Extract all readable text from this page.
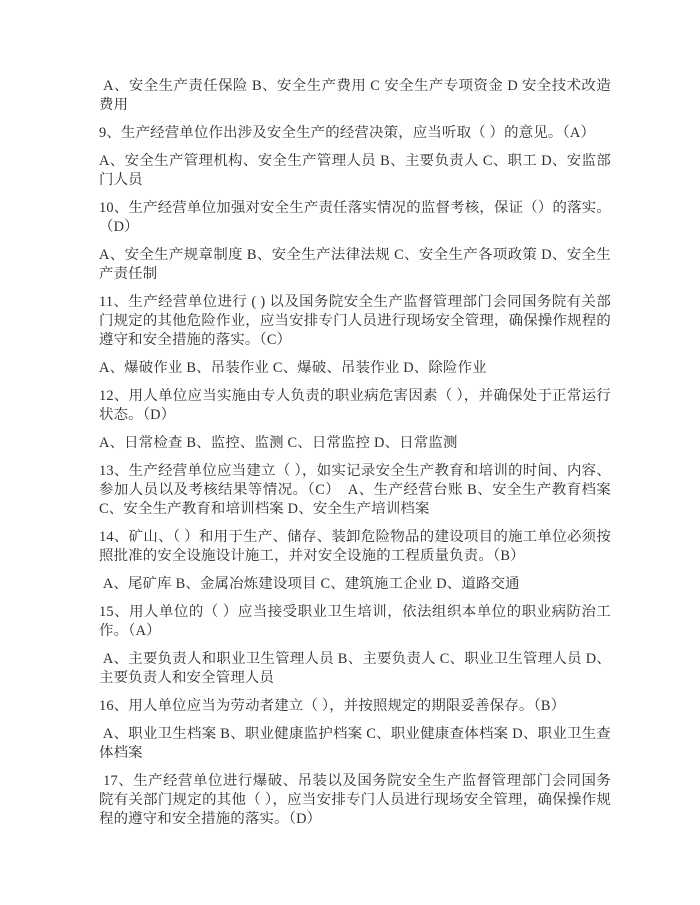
A、安全生产责任保险 B、安全生产费用 C 安全生产专项资金 D 安全技术改造费用

9、生产经营单位作出涉及安全生产的经营决策，应当听取（ ）的意见。（A）

A、安全生产管理机构、安全生产管理人员 B、主要负责人 C、职工 D、安监部门人员

10、生产经营单位加强对安全生产责任落实情况的监督考核，保证（）的落实。（D）

A、安全生产规章制度 B、安全生产法律法规 C、安全生产各项政策 D、安全生产责任制

11、生产经营单位进行 ( ) 以及国务院安全生产监督管理部门会同国务院有关部门规定的其他危险作业，应当安排专门人员进行现场安全管理，确保操作规程的遵守和安全措施的落实。（C）

A、爆破作业 B、吊装作业 C、爆破、吊装作业 D、除险作业

12、用人单位应当实施由专人负责的职业病危害因素（ ），并确保处于正常运行状态。（D）

A、日常检查 B、监控、监测 C、日常监控 D、日常监测

13、生产经营单位应当建立（ ），如实记录安全生产教育和培训的时间、内容、参加人员以及考核结果等情况。（C）　A、生产经营台账 B、安全生产教育档案 C、安全生产教育和培训档案 D、安全生产培训档案

14、矿山、（ ）和用于生产、储存、装卸危险物品的建设项目的施工单位必须按照批准的安全设施设计施工，并对安全设施的工程质量负责。（B）

A、尾矿库 B、金属冶炼建设项目 C、建筑施工企业 D、道路交通

15、用人单位的（ ）应当接受职业卫生培训，依法组织本单位的职业病防治工作。（A）

A、主要负责人和职业卫生管理人员 B、主要负责人 C、职业卫生管理人员 D、主要负责人和安全管理人员

16、用人单位应当为劳动者建立（ ），并按照规定的期限妥善保存。（B）

A、职业卫生档案 B、职业健康监护档案 C、职业健康查体档案 D、职业卫生查体档案

17、生产经营单位进行爆破、吊装以及国务院安全生产监督管理部门会同国务院有关部门规定的其他（ ），应当安排专门人员进行现场安全管理，确保操作规程的遵守和安全措施的落实。（D）
